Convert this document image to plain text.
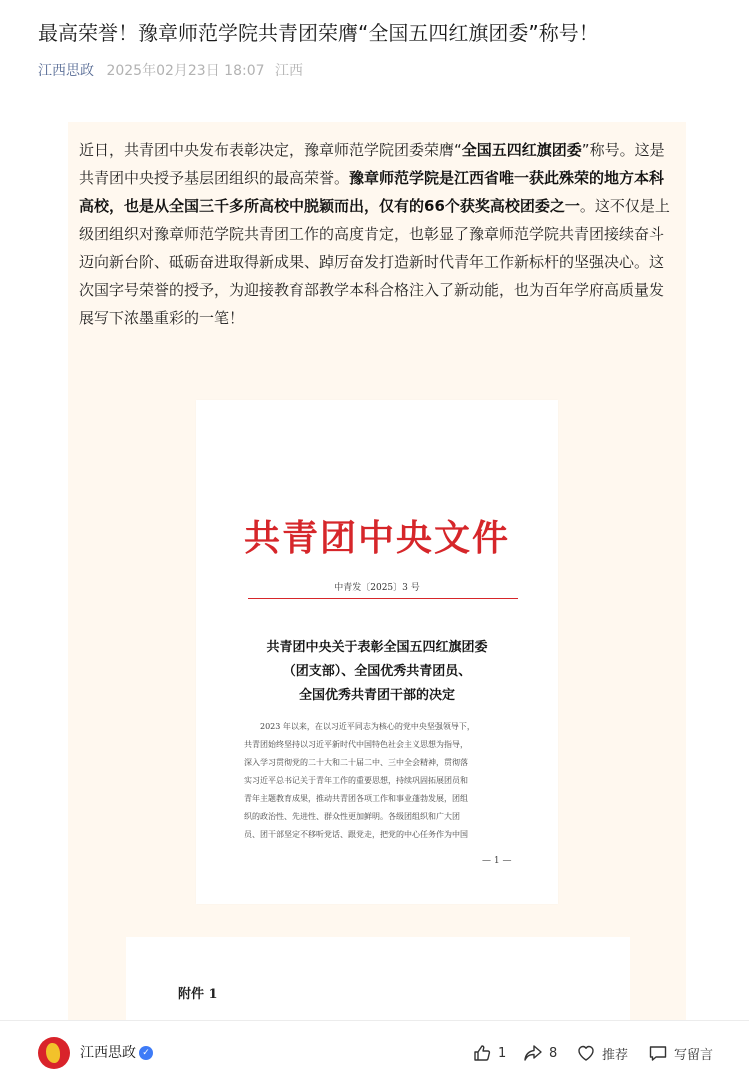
最高荣誉！豫章师范学院共青团荣膺“全国五四红旗团委”称号！
江西思政 2025年02月23日 18:07 江西

近日，共青团中央发布表彰决定，豫章师范学院团委荣膺“全国五四红旗团委”称号。这是共青团中央授予基层团组织的最高荣誉。豫章师范学院是江西省唯一获此殊荣的地方本科高校，也是从全国三千多所高校中脱颖而出，仅有的66个获奖高校团委之一。这不仅是上级团组织对豫章师范学院共青团工作的高度肯定，也彰显了豫章师范学院共青团接续奋斗迈向新台阶、砥砺奋进取得新成果、踔厉奋发打造新时代青年工作新标杆的坚强决心。这次国字号荣誉的授予，为迎接教育部教学本科合格注入了新动能，也为百年学府高质量发展写下浓墨重彩的一笔！

共青团中央文件
中青发〔2025〕3 号
共青团中央关于表彰全国五四红旗团委
（团支部）、全国优秀共青团员、
全国优秀共青团干部的决定
　　2023 年以来，在以习近平同志为核心的党中央坚强领导下，
共青团始终坚持以习近平新时代中国特色社会主义思想为指导，
深入学习贯彻党的二十大和二十届二中、三中全会精神，贯彻落
实习近平总书记关于青年工作的重要思想，持续巩固拓展团员和
青年主题教育成果，推动共青团各项工作和事业蓬勃发展，团组
织的政治性、先进性、群众性更加鲜明。各级团组织和广大团
员、团干部坚定不移听党话、跟党走，把党的中心任务作为中国
— 1 —
附件 1
江西思政 ✓	1	8	推荐	写留言
